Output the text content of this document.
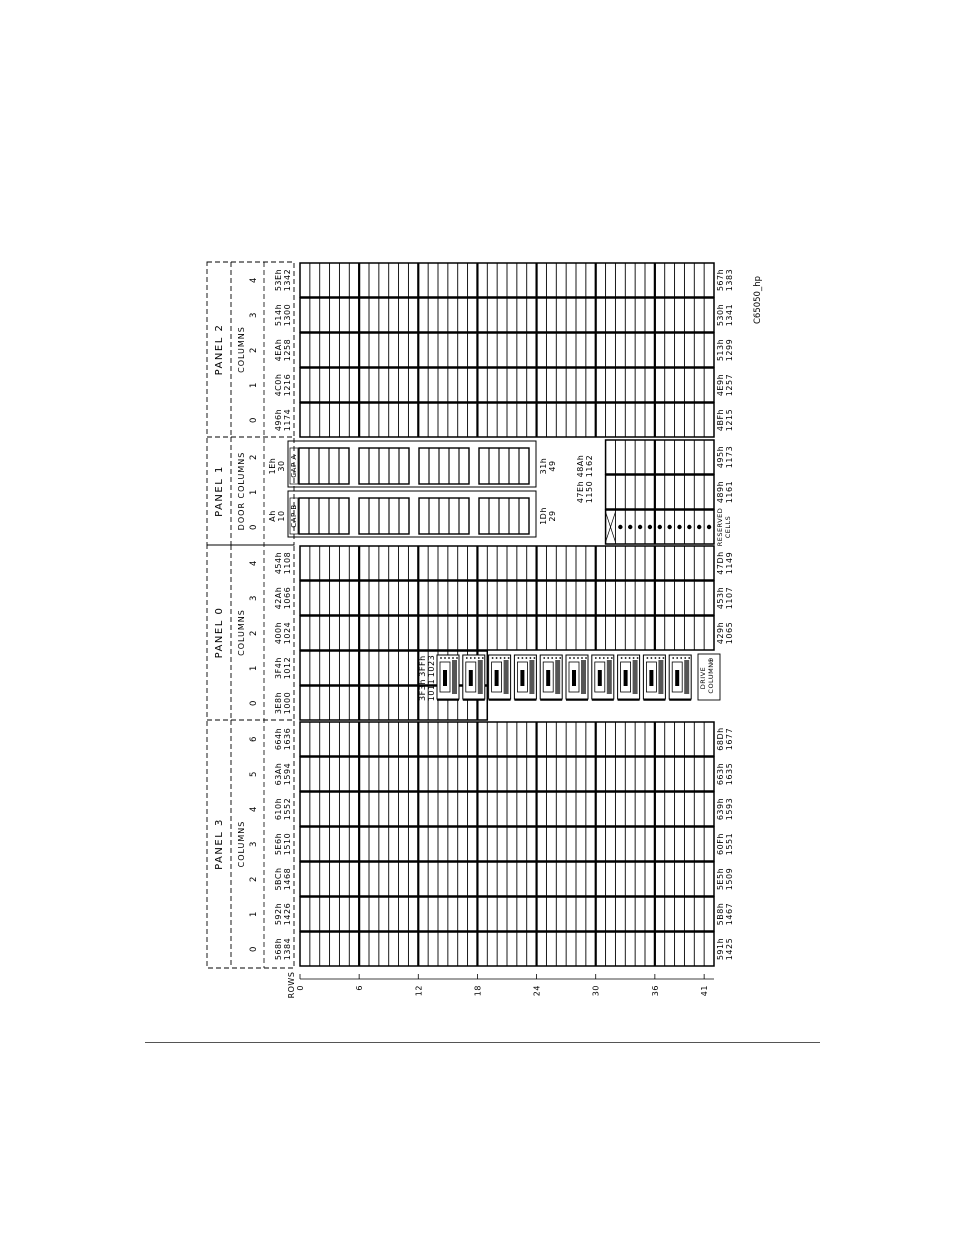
ROWS 0	6	12	18	24	30	36	41
PANEL 3 COLUMNS
PANEL 0 COLUMNS
PANEL 1 DOOR COLUMNS
PANEL 2 COLUMNS
3F3h 1011
3FFh 1023
DRIVE COLUMN
⊕
CAP A
CAP B
1Eh 30
Ah 10
31h 49
1Dh 29
48Ah 1162
47Eh 1150
RESERVED CELLS
0 568h 1384	591h 1425
1 592h 1426	5B8h 1467
2 5BCh 1468	5E5h 1509
3 5E6h 1510	60Fh 1551
4 610h 1552	639h 1593
5 63Ah 1594	663h 1635
6 664h 1636	68Dh 1677
0 3E8h 1000
1 3F4h 1012
2 400h 1024	429h 1065
3 42Ah 1066	453h 1107
4 454h 1108	47Dh 1149
0
1	489h 1161
2	495h 1173
0 496h 1174	4BFh 1215
1 4C0h 1216	4E9h 1257
2 4EAh 1258	513h 1299
3 514h 1300	530h 1341
4 53Eh 1342	567h 1383 C65050_hp
